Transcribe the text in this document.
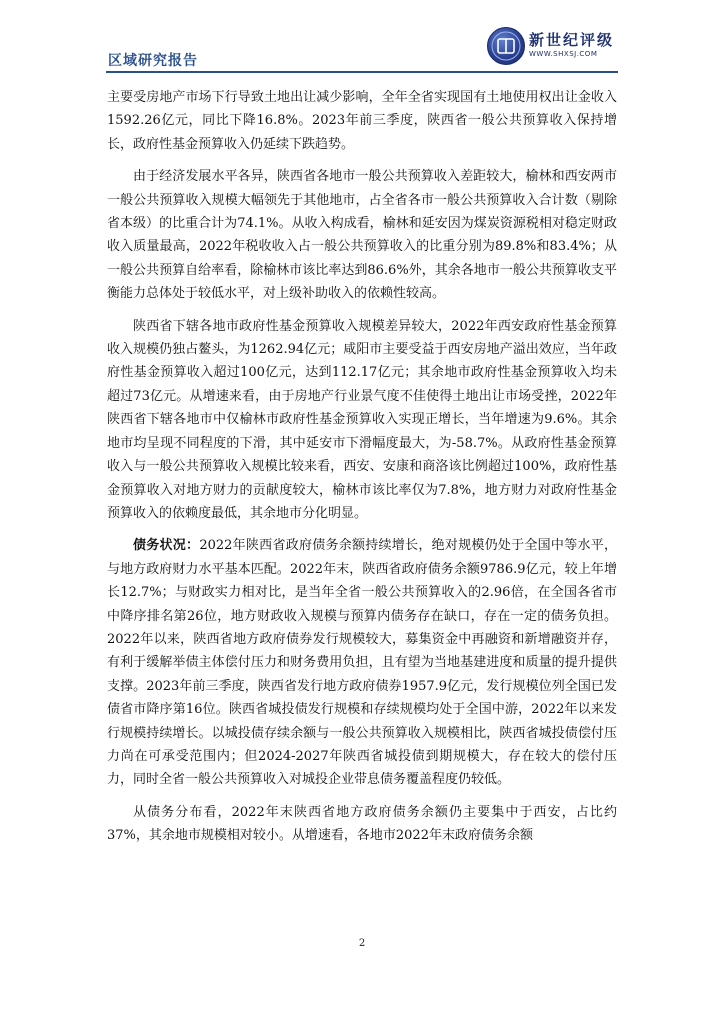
区域研究报告
新世纪评级
WWW.SHXSJ.COM

主要受房地产市场下行导致土地出让减少影响，全年全省实现国有土地使用权出让金收入1592.26亿元，同比下降16.8%。2023年前三季度，陕西省一般公共预算收入保持增长，政府性基金预算收入仍延续下跌趋势。

由于经济发展水平各异，陕西省各地市一般公共预算收入差距较大，榆林和西安两市一般公共预算收入规模大幅领先于其他地市，占全省各市一般公共预算收入合计数（剔除省本级）的比重合计为74.1%。从收入构成看，榆林和延安因为煤炭资源税相对稳定财政收入质量最高，2022年税收收入占一般公共预算收入的比重分别为89.8%和83.4%；从一般公共预算自给率看，除榆林市该比率达到86.6%外，其余各地市一般公共预算收支平衡能力总体处于较低水平，对上级补助收入的依赖性较高。

陕西省下辖各地市政府性基金预算收入规模差异较大，2022年西安政府性基金预算收入规模仍独占鳌头，为1262.94亿元；咸阳市主要受益于西安房地产溢出效应，当年政府性基金预算收入超过100亿元，达到112.17亿元；其余地市政府性基金预算收入均未超过73亿元。从增速来看，由于房地产行业景气度不佳使得土地出让市场受挫，2022年陕西省下辖各地市中仅榆林市政府性基金预算收入实现正增长，当年增速为9.6%。其余地市均呈现不同程度的下滑，其中延安市下滑幅度最大，为-58.7%。从政府性基金预算收入与一般公共预算收入规模比较来看，西安、安康和商洛该比例超过100%，政府性基金预算收入对地方财力的贡献度较大，榆林市该比率仅为7.8%，地方财力对政府性基金预算收入的依赖度最低，其余地市分化明显。

债务状况：2022年陕西省政府债务余额持续增长，绝对规模仍处于全国中等水平，与地方政府财力水平基本匹配。2022年末，陕西省政府债务余额9786.9亿元，较上年增长12.7%；与财政实力相对比，是当年全省一般公共预算收入的2.96倍，在全国各省市中降序排名第26位，地方财政收入规模与预算内债务存在缺口，存在一定的债务负担。2022年以来，陕西省地方政府债券发行规模较大，募集资金中再融资和新增融资并存，有利于缓解举债主体偿付压力和财务费用负担，且有望为当地基建进度和质量的提升提供支撑。2023年前三季度，陕西省发行地方政府债券1957.9亿元，发行规模位列全国已发债省市降序第16位。陕西省城投债发行规模和存续规模均处于全国中游，2022年以来发行规模持续增长。以城投债存续余额与一般公共预算收入规模相比，陕西省城投债偿付压力尚在可承受范围内；但2024-2027年陕西省城投债到期规模大，存在较大的偿付压力，同时全省一般公共预算收入对城投企业带息债务覆盖程度仍较低。

从债务分布看，2022年末陕西省地方政府债务余额仍主要集中于西安，占比约37%，其余地市规模相对较小。从增速看，各地市2022年末政府债务余额

2
